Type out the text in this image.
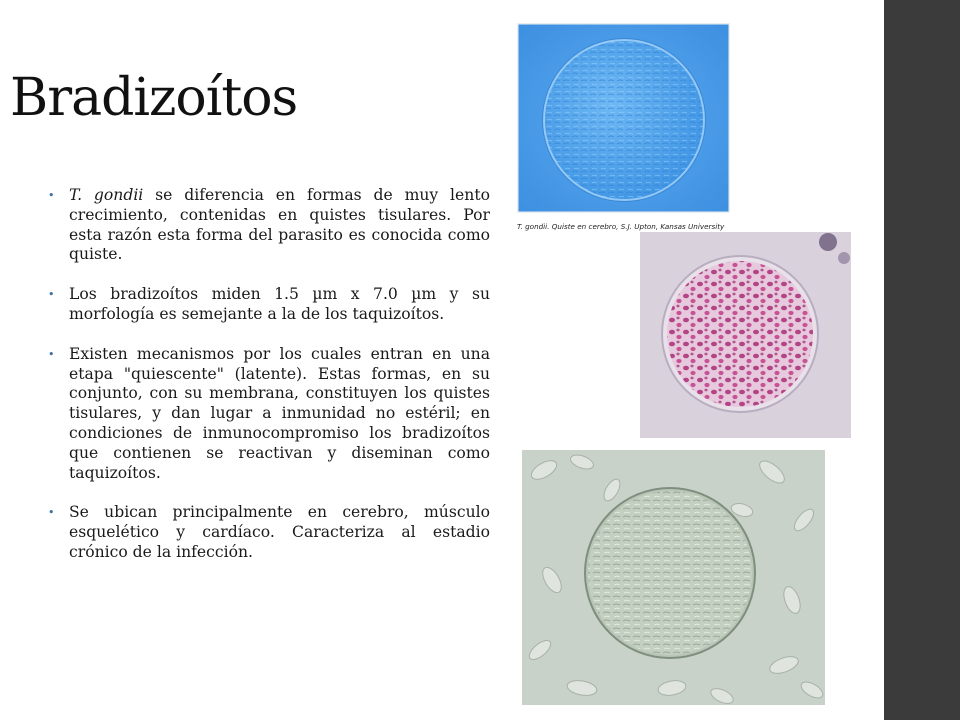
Bradizoítos
• T. gondii se diferencia en formas de muy lento crecimiento, contenidas en quistes tisulares. Por esta razón esta forma del parasito es conocida como quiste.
• Los bradizoítos miden 1.5 µm x 7.0 µm y su morfología es semejante a la de los taquizoítos.
• Existen mecanismos por los cuales entran en una etapa "quiescente" (latente). Estas formas, en su conjunto, con su membrana, constituyen los quistes tisulares, y dan lugar a inmunidad no estéril; en condiciones de inmunocompromiso los bradizoítos que contienen se reactivan y diseminan como taquizoítos.
• Se ubican principalmente en cerebro, músculo esquelético y cardíaco. Caracteriza al estadio crónico de la infección.
T. gondii. Quiste en cerebro, S.J. Upton, Kansas University
